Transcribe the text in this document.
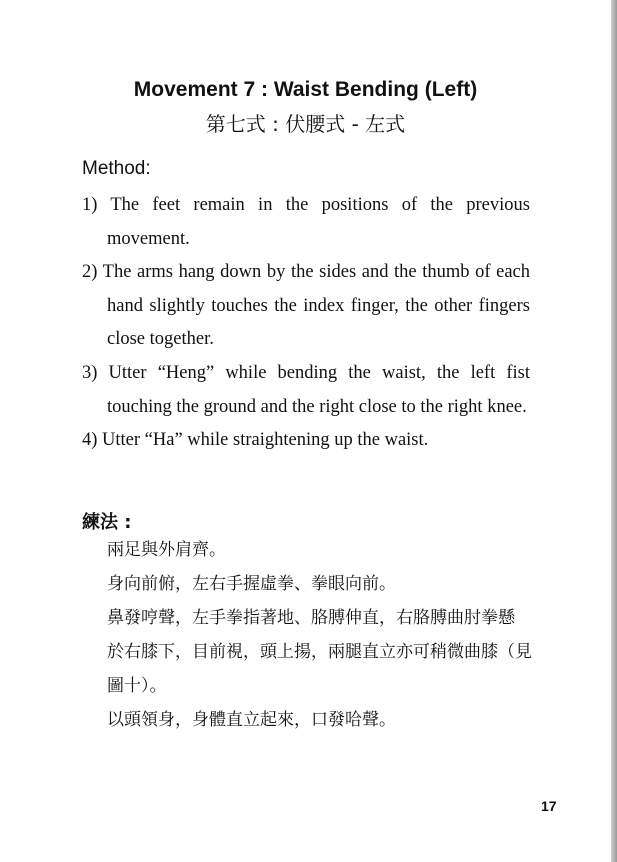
Movement 7 : Waist Bending (Left)
第七式 : 伏腰式 - 左式
Method:
1) The feet remain in the positions of the previous movement.
2) The arms hang down by the sides and the thumb of each hand slightly touches the index finger, the other fingers close together.
3) Utter “Heng” while bending the waist, the left fist touching the ground and the right close to the right knee.
4) Utter “Ha” while straightening up the waist.
練法 :
兩足與外肩齊。
身向前俯，左右手握虛拳、拳眼向前。
鼻發哼聲，左手拳指著地、胳膊伸直，右胳膊曲肘拳懸
於右膝下，目前視，頭上揚，兩腿直立亦可稍微曲膝（見
圖十）。
以頭領身，身體直立起來，口發哈聲。
17
